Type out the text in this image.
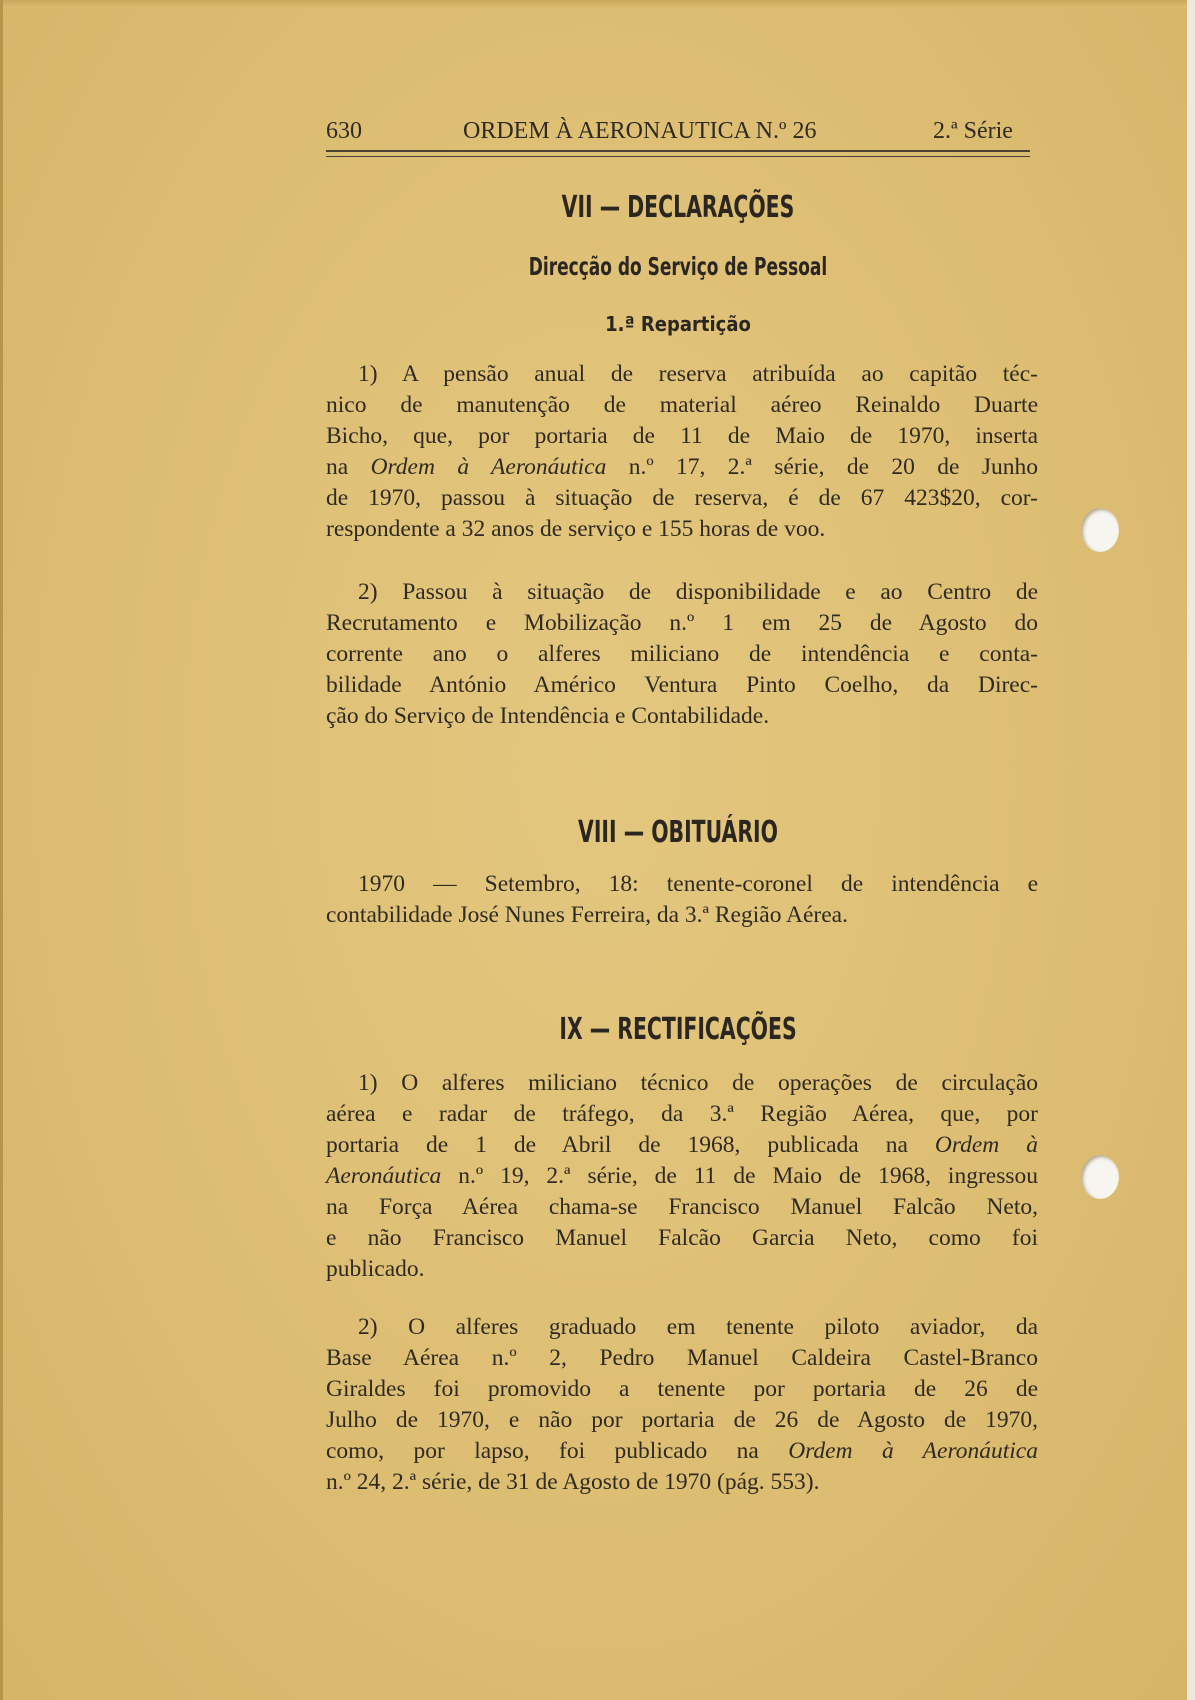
630	ORDEM À AERONAUTICA N.º 26	2.ª Série
VII — DECLARAÇÕES
Direcção do Serviço de Pessoal
1.ª Repartição
1) A pensão anual de reserva atribuída ao capitão téc-
nico de manutenção de material aéreo Reinaldo Duarte
Bicho, que, por portaria de 11 de Maio de 1970, inserta
na Ordem à Aeronáutica n.º 17, 2.ª série, de 20 de Junho
de 1970, passou à situação de reserva, é de 67 423$20, cor-
respondente a 32 anos de serviço e 155 horas de voo.
2) Passou à situação de disponibilidade e ao Centro de
Recrutamento e Mobilização n.º 1 em 25 de Agosto do
corrente ano o alferes miliciano de intendência e conta-
bilidade António Américo Ventura Pinto Coelho, da Direc-
ção do Serviço de Intendência e Contabilidade.
VIII — OBITUÁRIO
1970 — Setembro, 18: tenente-coronel de intendência e
contabilidade José Nunes Ferreira, da 3.ª Região Aérea.
IX — RECTIFICAÇÕES
1) O alferes miliciano técnico de operações de circulação
aérea e radar de tráfego, da 3.ª Região Aérea, que, por
portaria de 1 de Abril de 1968, publicada na Ordem à
Aeronáutica n.º 19, 2.ª série, de 11 de Maio de 1968, ingressou
na Força Aérea chama-se Francisco Manuel Falcão Neto,
e não Francisco Manuel Falcão Garcia Neto, como foi
publicado.
2) O alferes graduado em tenente piloto aviador, da
Base Aérea n.º 2, Pedro Manuel Caldeira Castel-Branco
Giraldes foi promovido a tenente por portaria de 26 de
Julho de 1970, e não por portaria de 26 de Agosto de 1970,
como, por lapso, foi publicado na Ordem à Aeronáutica
n.º 24, 2.ª série, de 31 de Agosto de 1970 (pág. 553).
